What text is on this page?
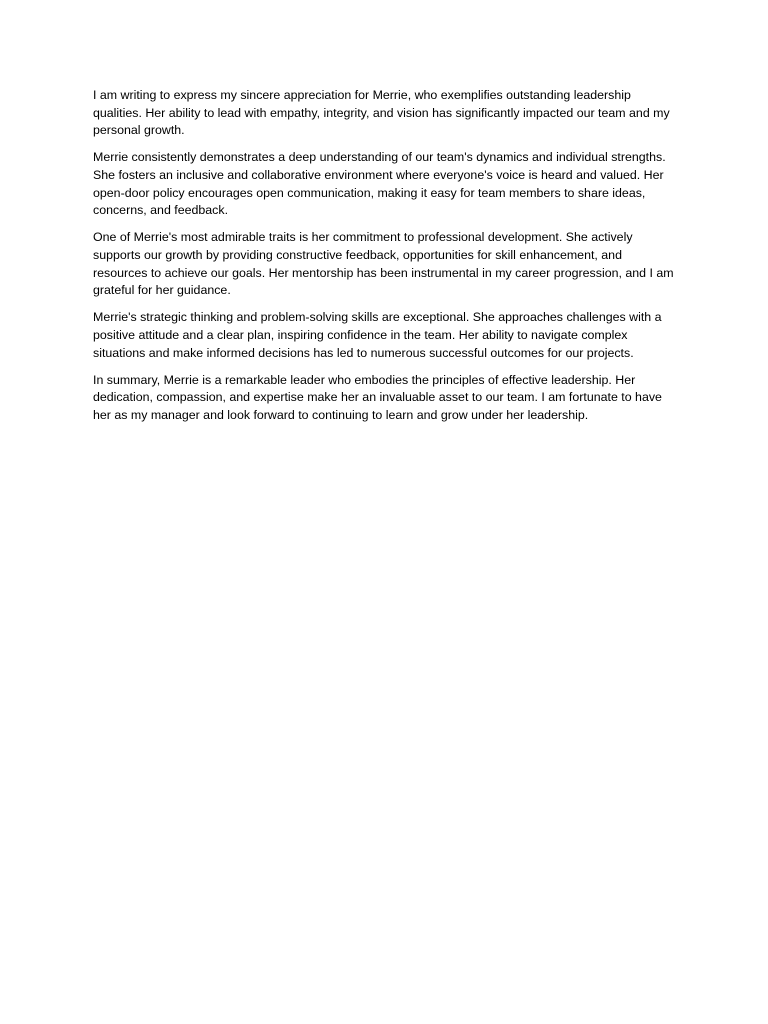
I am writing to express my sincere appreciation for Merrie, who exemplifies outstanding leadership qualities. Her ability to lead with empathy, integrity, and vision has significantly impacted our team and my personal growth.

Merrie consistently demonstrates a deep understanding of our team's dynamics and individual strengths. She fosters an inclusive and collaborative environment where everyone's voice is heard and valued. Her open-door policy encourages open communication, making it easy for team members to share ideas, concerns, and feedback.

One of Merrie's most admirable traits is her commitment to professional development. She actively supports our growth by providing constructive feedback, opportunities for skill enhancement, and resources to achieve our goals. Her mentorship has been instrumental in my career progression, and I am grateful for her guidance.

Merrie's strategic thinking and problem-solving skills are exceptional. She approaches challenges with a positive attitude and a clear plan, inspiring confidence in the team. Her ability to navigate complex situations and make informed decisions has led to numerous successful outcomes for our projects.

In summary, Merrie is a remarkable leader who embodies the principles of effective leadership. Her dedication, compassion, and expertise make her an invaluable asset to our team. I am fortunate to have her as my manager and look forward to continuing to learn and grow under her leadership.
